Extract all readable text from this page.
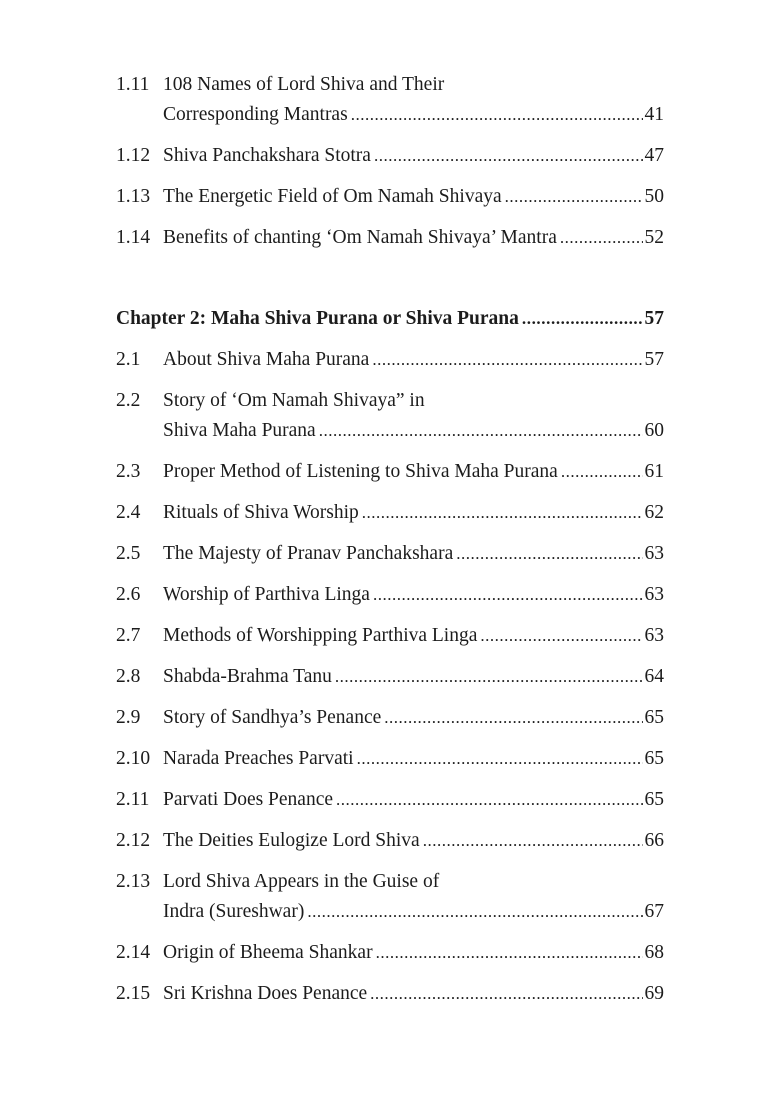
1.11 108 Names of Lord Shiva and Their
Corresponding Mantras .....	41
1.12 Shiva Panchakshara Stotra .....	47
1.13 The Energetic Field of Om Namah Shivaya .....	50
1.14 Benefits of chanting ‘Om Namah Shivaya’ Mantra .....	52
Chapter 2: Maha Shiva Purana or Shiva Purana .....	57
2.1	About Shiva Maha Purana .....	57
2.2	Story of ‘Om Namah Shivaya” in
Shiva Maha Purana .....	60
2.3	Proper Method of Listening to Shiva Maha Purana .....	61
2.4	Rituals of Shiva Worship .....	62
2.5	The Majesty of Pranav Panchakshara .....	63
2.6	Worship of Parthiva Linga .....	63
2.7	Methods of Worshipping Parthiva Linga .....	63
2.8	Shabda-Brahma Tanu .....	64
2.9	Story of Sandhya’s Penance .....	65
2.10 Narada Preaches Parvati .....	65
2.11 Parvati Does Penance .....	65
2.12 The Deities Eulogize Lord Shiva .....	66
2.13 Lord Shiva Appears in the Guise of
Indra (Sureshwar) .....	67
2.14 Origin of Bheema Shankar .....	68
2.15 Sri Krishna Does Penance .....	69
